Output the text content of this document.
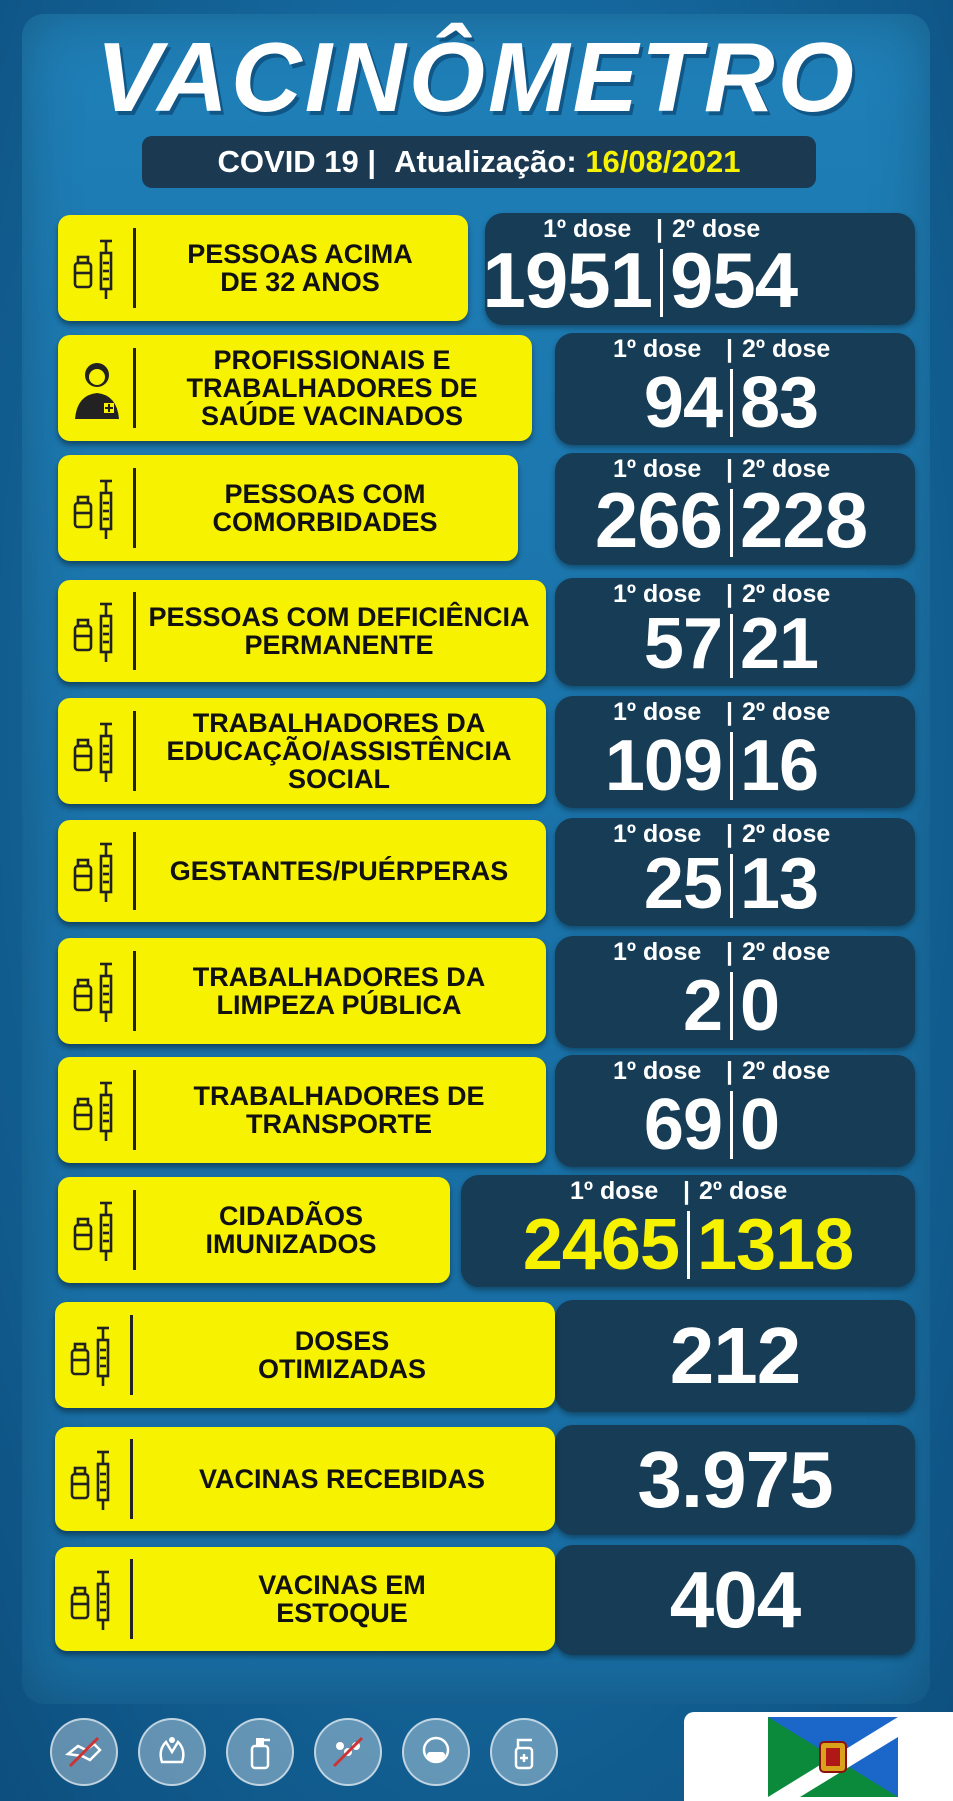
VACINÔMETRO
COVID 19 | Atualização: 16/08/2021
PESSOAS ACIMA
DE 32 ANOS
1º dose | 2º dose
1951 954
PROFISSIONAIS E
TRABALHADORES DE
SAÚDE VACINADOS
1º dose | 2º dose
94 83
PESSOAS COM
COMORBIDADES
1º dose | 2º dose
266 228
PESSOAS COM DEFICIÊNCIA
PERMANENTE
1º dose | 2º dose
57 21
TRABALHADORES DA
EDUCAÇÃO/ASSISTÊNCIA
SOCIAL
1º dose | 2º dose
109 16
GESTANTES/PUÉRPERAS
1º dose | 2º dose
25 13
TRABALHADORES DA
LIMPEZA PÚBLICA
1º dose | 2º dose
2 0
TRABALHADORES DE
TRANSPORTE
1º dose | 2º dose
69 0
CIDADÃOS
IMUNIZADOS
1º dose | 2º dose
2465 1318
DOSES
OTIMIZADAS	212
VACINAS RECEBIDAS	3.975
VACINAS EM
ESTOQUE	404
